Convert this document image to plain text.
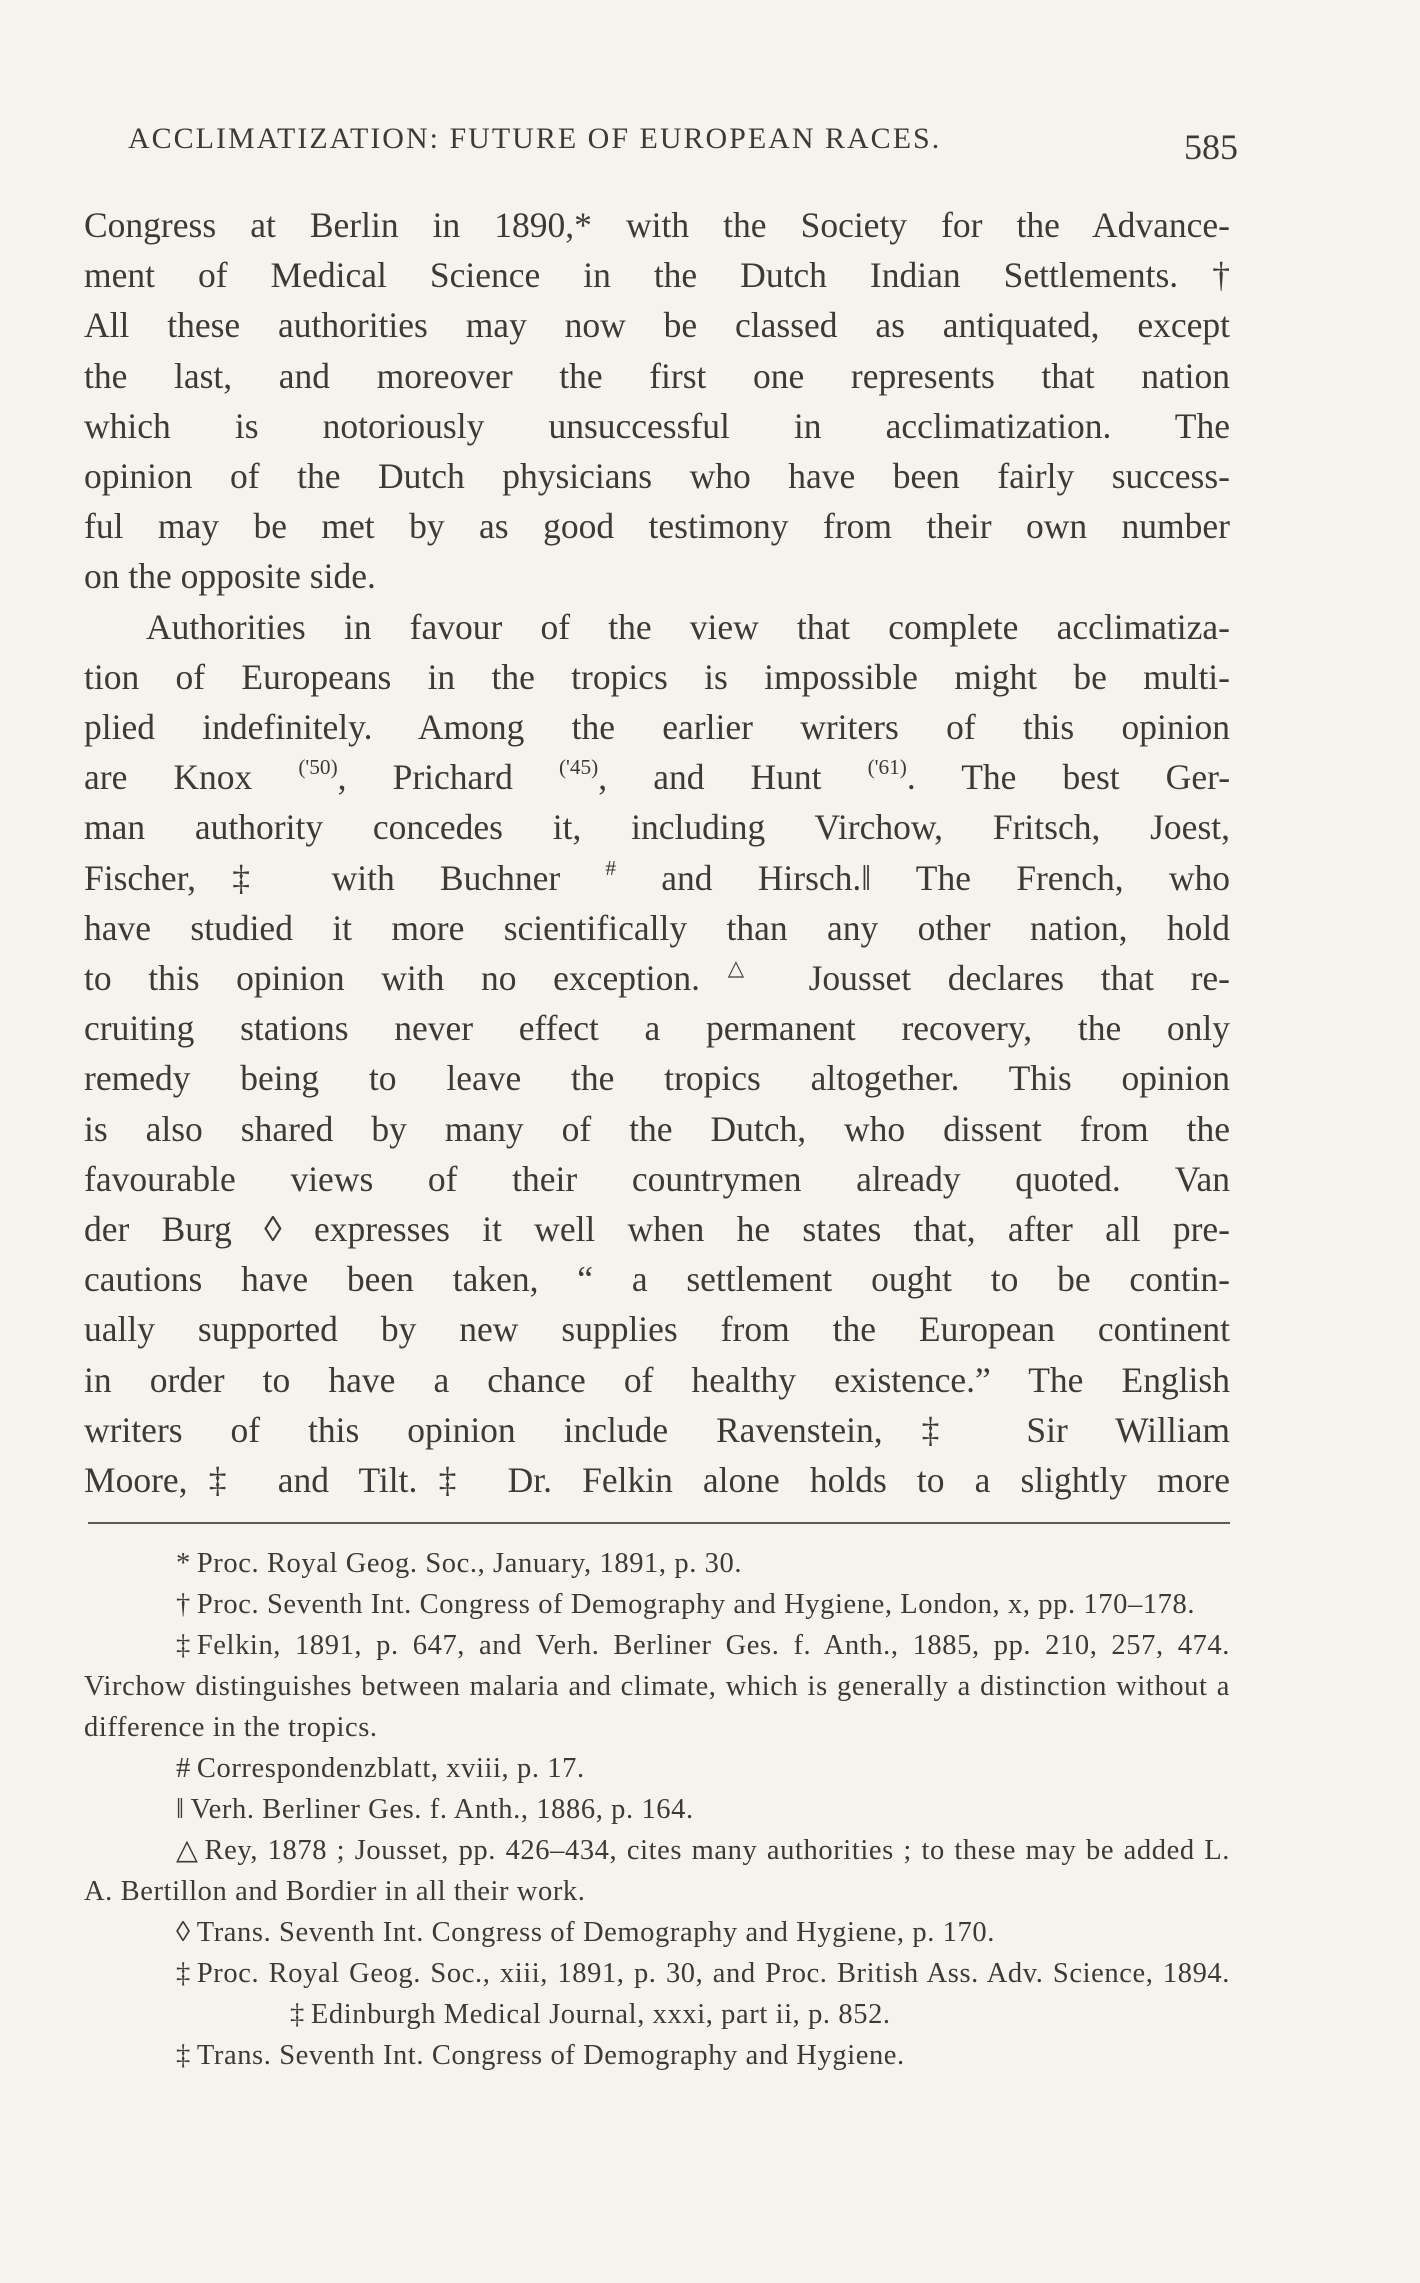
ACCLIMATIZATION: FUTURE OF EUROPEAN RACES.	585
Congress at Berlin in 1890,* with the Society for the Advance-
ment of Medical Science in the Dutch Indian Settlements.†
All these authorities may now be classed as antiquated, except
the last, and moreover the first one represents that nation
which is notoriously unsuccessful in acclimatization. The
opinion of the Dutch physicians who have been fairly success-
ful may be met by as good testimony from their own number
on the opposite side.
Authorities in favour of the view that complete acclimatiza-
tion of Europeans in the tropics is impossible might be multi-
plied indefinitely. Among the earlier writers of this opinion
are Knox $^{('50)}$, Prichard $^{('45)}$, and Hunt $^{('61)}$. The best Ger-
man authority concedes it, including Virchow, Fritsch, Joest,
Fischer,‡ with Buchner # and Hirsch.‖ The French, who
have studied it more scientifically than any other nation, hold
to this opinion with no exception.△ Jousset declares that re-
cruiting stations never effect a permanent recovery, the only
remedy being to leave the tropics altogether. This opinion
is also shared by many of the Dutch, who dissent from the
favourable views of their countrymen already quoted. Van
der Burg ◊ expresses it well when he states that, after all pre-
cautions have been taken, “ a settlement ought to be contin-
ually supported by new supplies from the European continent
in order to have a chance of healthy existence.” The English
writers of this opinion include Ravenstein,‡ Sir William
Moore,‡ and Tilt.‡ Dr. Felkin alone holds to a slightly more

* Proc. Royal Geog. Soc., January, 1891, p. 30.

† Proc. Seventh Int. Congress of Demography and Hygiene, London, x, pp. 170–178.

‡ Felkin, 1891, p. 647, and Verh. Berliner Ges. f. Anth., 1885, pp. 210, 257, 474. Virchow distinguishes between malaria and climate, which is generally a distinction without a difference in the tropics.

# Correspondenzblatt, xviii, p. 17.

‖ Verh. Berliner Ges. f. Anth., 1886, p. 164.

△ Rey, 1878 ; Jousset, pp. 426–434, cites many authorities ; to these may be added L. A. Bertillon and Bordier in all their work.

◊ Trans. Seventh Int. Congress of Demography and Hygiene, p. 170.

‡ Proc. Royal Geog. Soc., xiii, 1891, p. 30, and Proc. British Ass. Adv. Science, 1894.‡ Edinburgh Medical Journal, xxxi, part ii, p. 852.

‡ Trans. Seventh Int. Congress of Demography and Hygiene.
